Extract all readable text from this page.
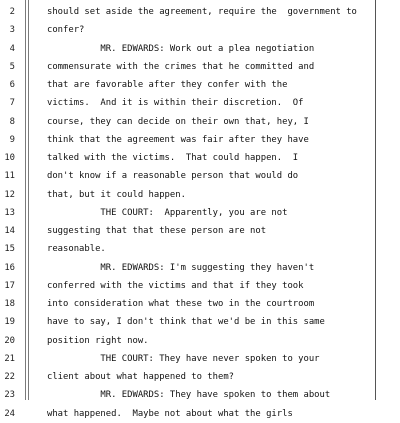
2	should set aside the agreement, require the  government to
3	confer?
4	MR. EDWARDS: Work out a plea negotiation
5	commensurate with the crimes that he committed and
6	that are favorable after they confer with the
7	victims.  And it is within their discretion.  Of
8	course, they can decide on their own that, hey, I
9	think that the agreement was fair after they have
10	talked with the victims.  That could happen.  I
11	don't know if a reasonable person that would do
12	that, but it could happen.
13	THE COURT:  Apparently, you are not
14	suggesting that that these person are not
15	reasonable.
16	MR. EDWARDS: I'm suggesting they haven't
17	conferred with the victims and that if they took
18	into consideration what these two in the courtroom
19	have to say, I don't think that we'd be in this same
20	position right now.
21	THE COURT: They have never spoken to your
22	client about what happened to them?
23	MR. EDWARDS: They have spoken to them about
24	what happened.  Maybe not about what the girls
